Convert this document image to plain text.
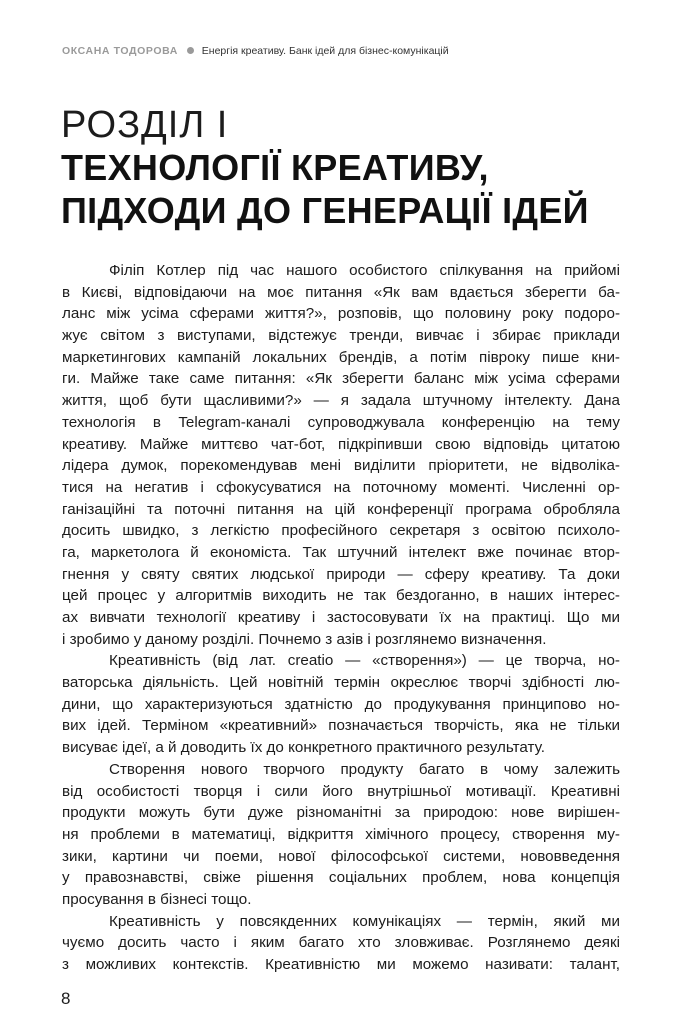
ОКСАНА ТОДОРОВА Енергія креативу. Банк ідей для бізнес-комунікацій
РОЗДІЛ I
ТЕХНОЛОГІЇ КРЕАТИВУ,
ПІДХОДИ ДО ГЕНЕРАЦІЇ ІДЕЙ
Філіп Котлер під час нашого особистого спілкування на прийомі
в Києві, відповідаючи на моє питання «Як вам вдається зберегти ба-
ланс між усіма сферами життя?», розповів, що половину року подоро-
жує світом з виступами, відстежує тренди, вивчає і збирає приклади
маркетингових кампаній локальних брендів, а потім півроку пише кни-
ги. Майже таке саме питання: «Як зберегти баланс між усіма сферами
життя, щоб бути щасливими?» — я задала штучному інтелекту. Дана
технологія в Telegram-каналі супроводжувала конференцію на тему
креативу. Майже миттєво чат-бот, підкріпивши свою відповідь цитатою
лідера думок, порекомендував мені виділити пріоритети, не відволіка-
тися на негатив і сфокусуватися на поточному моменті. Численні ор-
ганізаційні та поточні питання на цій конференції програма обробляла
досить швидко, з легкістю професійного секретаря з освітою психоло-
га, маркетолога й економіста. Так штучний інтелект вже починає втор-
гнення у святу святих людської природи — сферу креативу. Та доки
цей процес у алгоритмів виходить не так бездоганно, в наших інтерес-
ах вивчати технології креативу і застосовувати їх на практиці. Що ми
і зробимо у даному розділі. Почнемо з азів і розглянемо визначення.
Креативність (від лат. creatio — «створення») — це творча, но-
ваторська діяльність. Цей новітній термін окреслює творчі здібності лю-
дини, що характеризуються здатністю до продукування принципово но-
вих ідей. Терміном «креативний» позначається творчість, яка не тільки
висуває ідеї, а й доводить їх до конкретного практичного результату.
Створення нового творчого продукту багато в чому залежить
від особистості творця і сили його внутрішньої мотивації. Креативні
продукти можуть бути дуже різноманітні за природою: нове вирішен-
ня проблеми в математиці, відкриття хімічного процесу, створення му-
зики, картини чи поеми, нової філософської системи, нововведення
у правознавстві, свіже рішення соціальних проблем, нова концепція
просування в бізнесі тощо.
Креативність у повсякденних комунікаціях — термін, який ми
чуємо досить часто і яким багато хто зловживає. Розглянемо деякі
з можливих контекстів. Креативністю ми можемо називати: талант,
8
